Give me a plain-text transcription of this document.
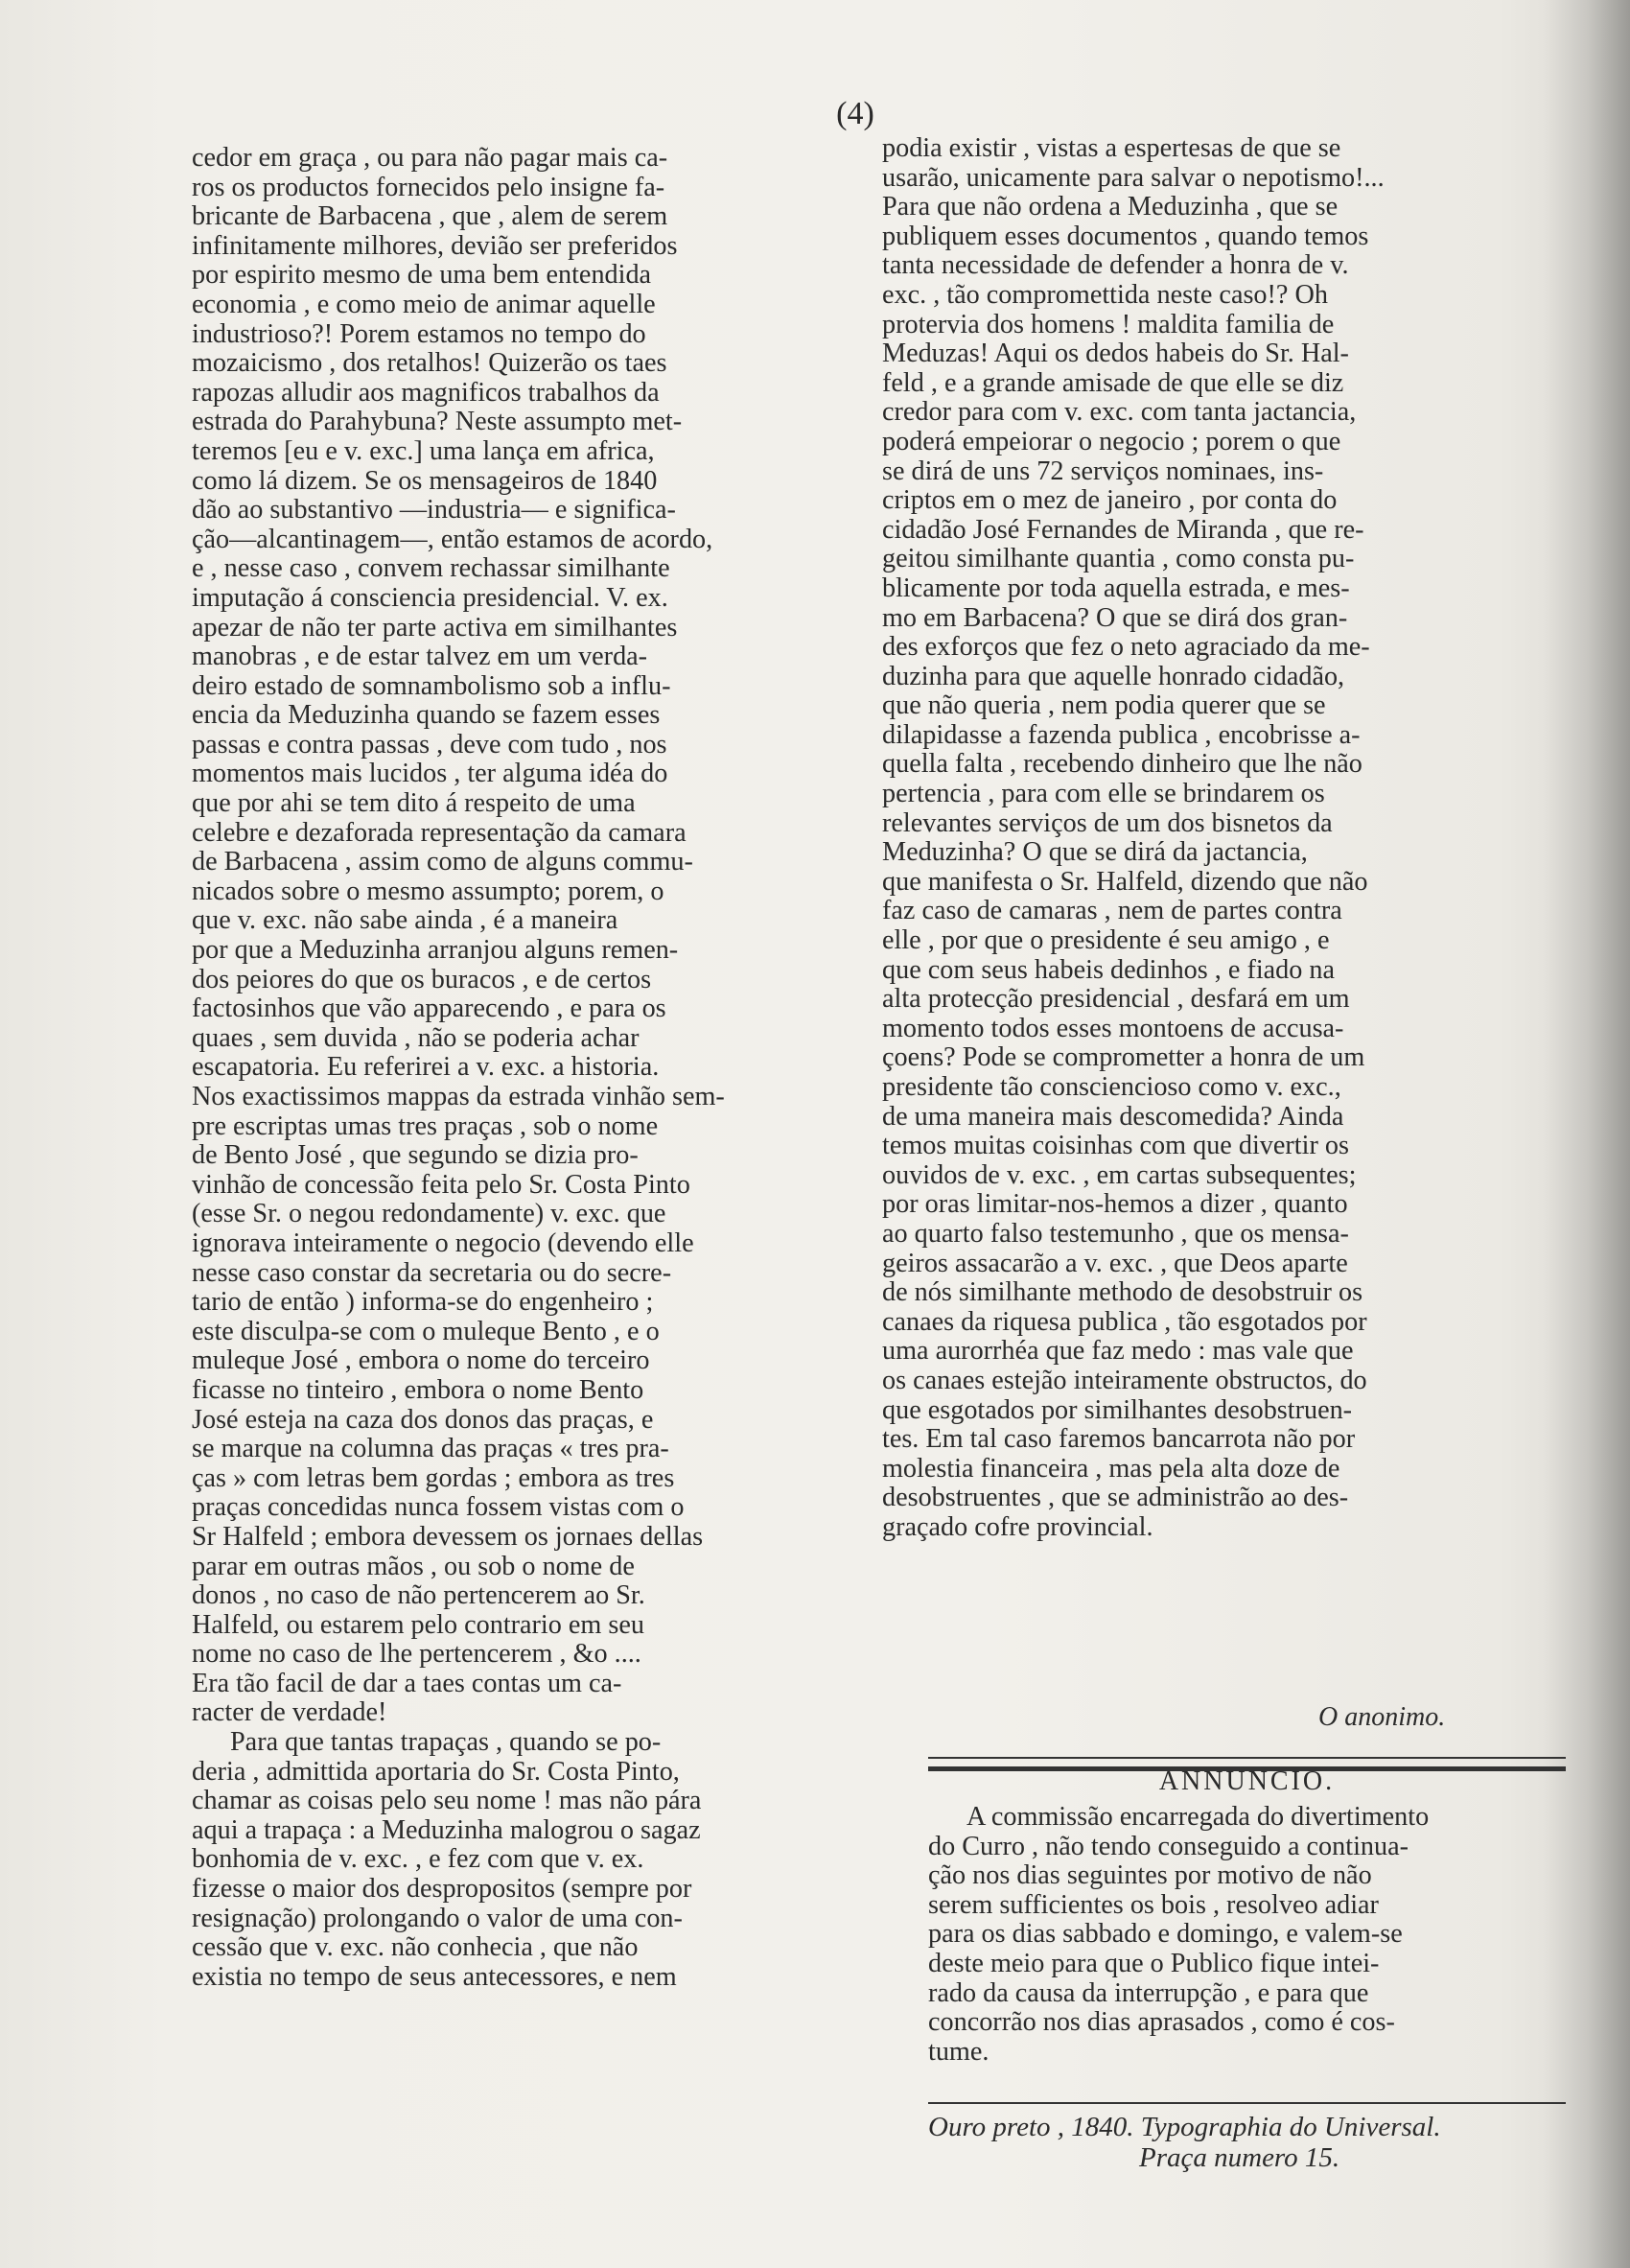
(4)
cedor em graça , ou para não pagar mais ca-
ros os productos fornecidos pelo insigne fa-
bricante de Barbacena , que , alem de serem
infinitamente milhores, devião ser preferidos
por espirito mesmo de uma bem entendida
economia , e como meio de animar aquelle
industrioso?! Porem estamos no tempo do
mozaicismo , dos retalhos! Quizerão os taes
rapozas alludir aos magnificos trabalhos da
estrada do Parahybuna? Neste assumpto met-
teremos [eu e v. exc.] uma lança em africa,
como lá dizem. Se os mensageiros de 1840
dão ao substantivo —industria— e significa-
ção—alcantinagem—, então estamos de acordo,
e , nesse caso , convem rechassar similhante
imputação á consciencia presidencial. V. ex.
apezar de não ter parte activa em similhantes
manobras , e de estar talvez em um verda-
deiro estado de somnambolismo sob a influ-
encia da Meduzinha quando se fazem esses
passas e contra passas , deve com tudo , nos
momentos mais lucidos , ter alguma idéa do
que por ahi se tem dito á respeito de uma
celebre e dezaforada representação da camara
de Barbacena , assim como de alguns commu-
nicados sobre o mesmo assumpto; porem, o
que v. exc. não sabe ainda , é a maneira
por que a Meduzinha arranjou alguns remen-
dos peiores do que os buracos , e de certos
factosinhos que vão apparecendo , e para os
quaes , sem duvida , não se poderia achar
escapatoria. Eu referirei a v. exc. a historia.
Nos exactissimos mappas da estrada vinhão sem-
pre escriptas umas tres praças , sob o nome
de Bento José , que segundo se dizia pro-
vinhão de concessão feita pelo Sr. Costa Pinto
(esse Sr. o negou redondamente) v. exc. que
ignorava inteiramente o negocio (devendo elle
nesse caso constar da secretaria ou do secre-
tario de então ) informa-se do engenheiro ;
este disculpa-se com o muleque Bento , e o
muleque José , embora o nome do terceiro
ficasse no tinteiro , embora o nome Bento
José esteja na caza dos donos das praças, e
se marque na columna das praças « tres pra-
ças » com letras bem gordas ; embora as tres
praças concedidas nunca fossem vistas com o
Sr Halfeld ; embora devessem os jornaes dellas
parar em outras mãos , ou sob o nome de
donos , no caso de não pertencerem ao Sr.
Halfeld, ou estarem pelo contrario em seu
nome no caso de lhe pertencerem , &o ....
Era tão facil de dar a taes contas um ca-
racter de verdade!
Para que tantas trapaças , quando se po-
deria , admittida aportaria do Sr. Costa Pinto,
chamar as coisas pelo seu nome ! mas não pára
aqui a trapaça : a Meduzinha malogrou o sagaz
bonhomia de v. exc. , e fez com que v. ex.
fizesse o maior dos despropositos (sempre por
resignação) prolongando o valor de uma con-
cessão que v. exc. não conhecia , que não
existia no tempo de seus antecessores, e nem
podia existir , vistas a espertesas de que se
usarão, unicamente para salvar o nepotismo!...
Para que não ordena a Meduzinha , que se
publiquem esses documentos , quando temos
tanta necessidade de defender a honra de v.
exc. , tão compromettida neste caso!? Oh
protervia dos homens ! maldita familia de
Meduzas! Aqui os dedos habeis do Sr. Hal-
feld , e a grande amisade de que elle se diz
credor para com v. exc. com tanta jactancia,
poderá empeiorar o negocio ; porem o que
se dirá de uns 72 serviços nominaes, ins-
criptos em o mez de janeiro , por conta do
cidadão José Fernandes de Miranda , que re-
geitou similhante quantia , como consta pu-
blicamente por toda aquella estrada, e mes-
mo em Barbacena? O que se dirá dos gran-
des exforços que fez o neto agraciado da me-
duzinha para que aquelle honrado cidadão,
que não queria , nem podia querer que se
dilapidasse a fazenda publica , encobrisse a-
quella falta , recebendo dinheiro que lhe não
pertencia , para com elle se brindarem os
relevantes serviços de um dos bisnetos da
Meduzinha? O que se dirá da jactancia,
que manifesta o Sr. Halfeld, dizendo que não
faz caso de camaras , nem de partes contra
elle , por que o presidente é seu amigo , e
que com seus habeis dedinhos , e fiado na
alta protecção presidencial , desfará em um
momento todos esses montoens de accusa-
çoens? Pode se comprometter a honra de um
presidente tão consciencioso como v. exc.,
de uma maneira mais descomedida? Ainda
temos muitas coisinhas com que divertir os
ouvidos de v. exc. , em cartas subsequentes;
por oras limitar-nos-hemos a dizer , quanto
ao quarto falso testemunho , que os mensa-
geiros assacarão a v. exc. , que Deos aparte
de nós similhante methodo de desobstruir os
canaes da riquesa publica , tão esgotados por
uma aurorrhéa que faz medo : mas vale que
os canaes estejão inteiramente obstructos, do
que esgotados por similhantes desobstruen-
tes. Em tal caso faremos bancarrota não por
molestia financeira , mas pela alta doze de
desobstruentes , que se administrão ao des-
graçado cofre provincial.
O anonimo.
ANNUNCIO.
A commissão encarregada do divertimento
do Curro , não tendo conseguido a continua-
ção nos dias seguintes por motivo de não
serem sufficientes os bois , resolveo adiar
para os dias sabbado e domingo, e valem-se
deste meio para que o Publico fique intei-
rado da causa da interrupção , e para que
concorrão nos dias aprasados , como é cos-
tume.
Ouro preto , 1840. Typographia do Universal.
Praça numero 15.
